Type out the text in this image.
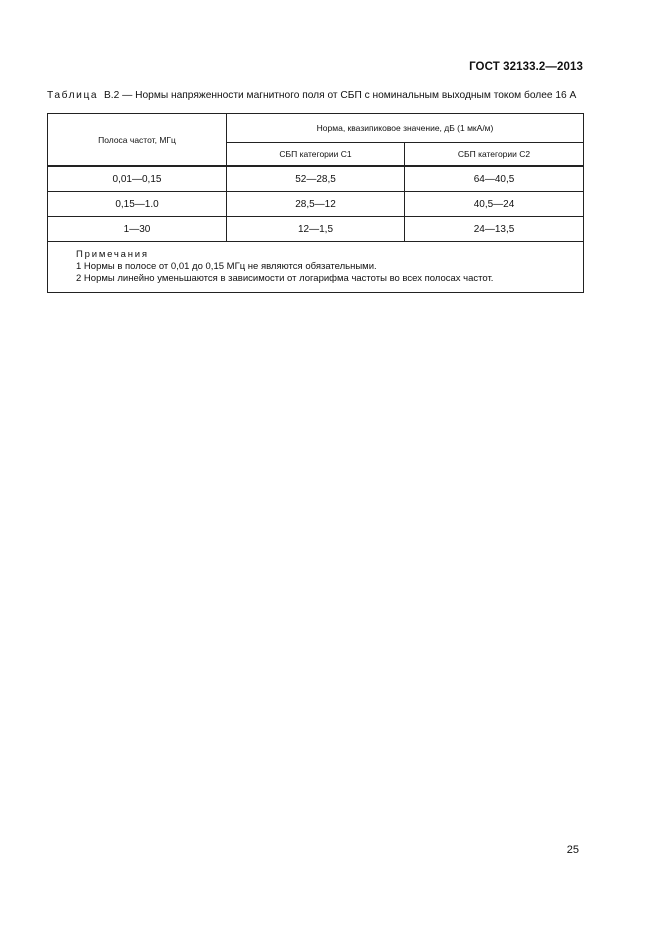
ГОСТ 32133.2—2013
Таблица В.2 — Нормы напряженности магнитного поля от СБП с номинальным выходным током более 16 А
Полоса частот, МГц	Норма, квазипиковое значение, дБ (1 мкА/м)	
	СБП категории С1	СБП категории С2
0,01—0,15	52—28,5	64—40,5
0,15—1.0	28,5—12	40,5—24
1—30	12—1,5	24—13,5

Примечания
1 Нормы в полосе от 0,01 до 0,15 МГц не являются обязательными.
2 Нормы линейно уменьшаются в зависимости от логарифма частоты во всех полосах частот.		
25
